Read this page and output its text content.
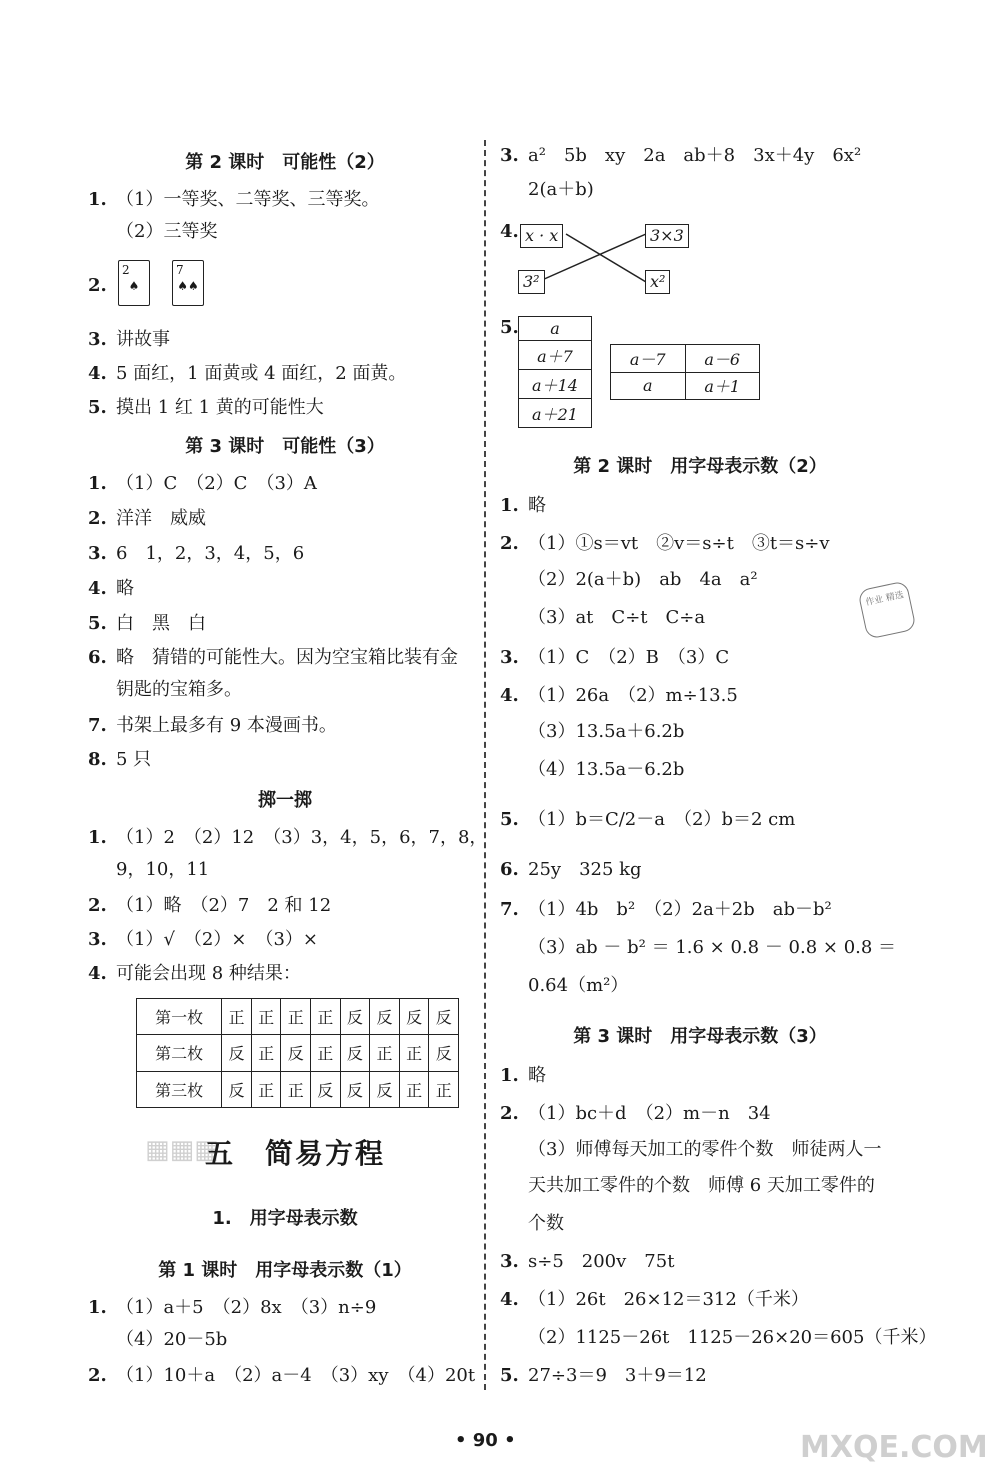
第 2 课时　可能性（2）
1. （1）一等奖、二等奖、三等奖。
（2）三等奖
2.
2
♠
7
♠♠
3. 讲故事
4. 5 面红，1 面黄或 4 面红，2 面黄。
5. 摸出 1 红 1 黄的可能性大
第 3 课时　可能性（3）
1. （1）C　（2）C　（3）A
2. 洋洋　威威
3. 6　1，2，3，4，5，6
4. 略
5. 白　黑　白
6. 略　猜错的可能性大。因为空宝箱比装有金
钥匙的宝箱多。
7. 书架上最多有 9 本漫画书。
8. 5 只
掷一掷
1. （1）2　（2）12　（3）3，4，5，6，7，8，
9，10，11
2. （1）略　（2）7　2 和 12
3. （1）√　（2）×　（3）×
4. 可能会出现 8 种结果：
第一枚	正	正	正	正	反	反	反	反
第二枚	反	正	反	正	反	正	正	反
第三枚	反	正	正	反	反	反	正	正
▦▦▦
五　简易方程
1.　用字母表示数
第 1 课时　用字母表示数（1）
1. （1）a＋5　（2）8x　（3）n÷9
（4）20－5b
2. （1）10＋a　（2）a－4　（3）xy　（4）20t
3. a²　5b　xy　2a　ab＋8　3x＋4y　6x²
2(a＋b)
4. x · x	3×3
3²	x²
5.	a
a＋7
a＋14
a＋21
a－7	a－6
a	a＋1
第 2 课时　用字母表示数（2）
1. 略
2. （1）①s＝vt　②v＝s÷t　③t＝s÷v
（2）2(a＋b)　ab　4a　a²
（3）at　C÷t　C÷a
作业 精选
3. （1）C　（2）B　（3）C
4. （1）26a　（2）m÷13.5
（3）13.5a＋6.2b
（4）13.5a－6.2b
5. （1）b＝C/2－a　（2）b＝2 cm
6. 25y　325 kg
7. （1）4b　b²　（2）2a＋2b　ab－b²
（3）ab － b² ＝ 1.6 × 0.8 － 0.8 × 0.8 ＝
0.64（m²）
第 3 课时　用字母表示数（3）
1. 略
2. （1）bc＋d　（2）m－n　34
（3）师傅每天加工的零件个数　师徒两人一
天共加工零件的个数　师傅 6 天加工零件的
个数
3. s÷5　200v　75t
4. （1）26t　26×12＝312（千米）
（2）1125－26t　1125－26×20＝605（千米）
5. 27÷3＝9　3＋9＝12
• 90 •	MXQE.COM
